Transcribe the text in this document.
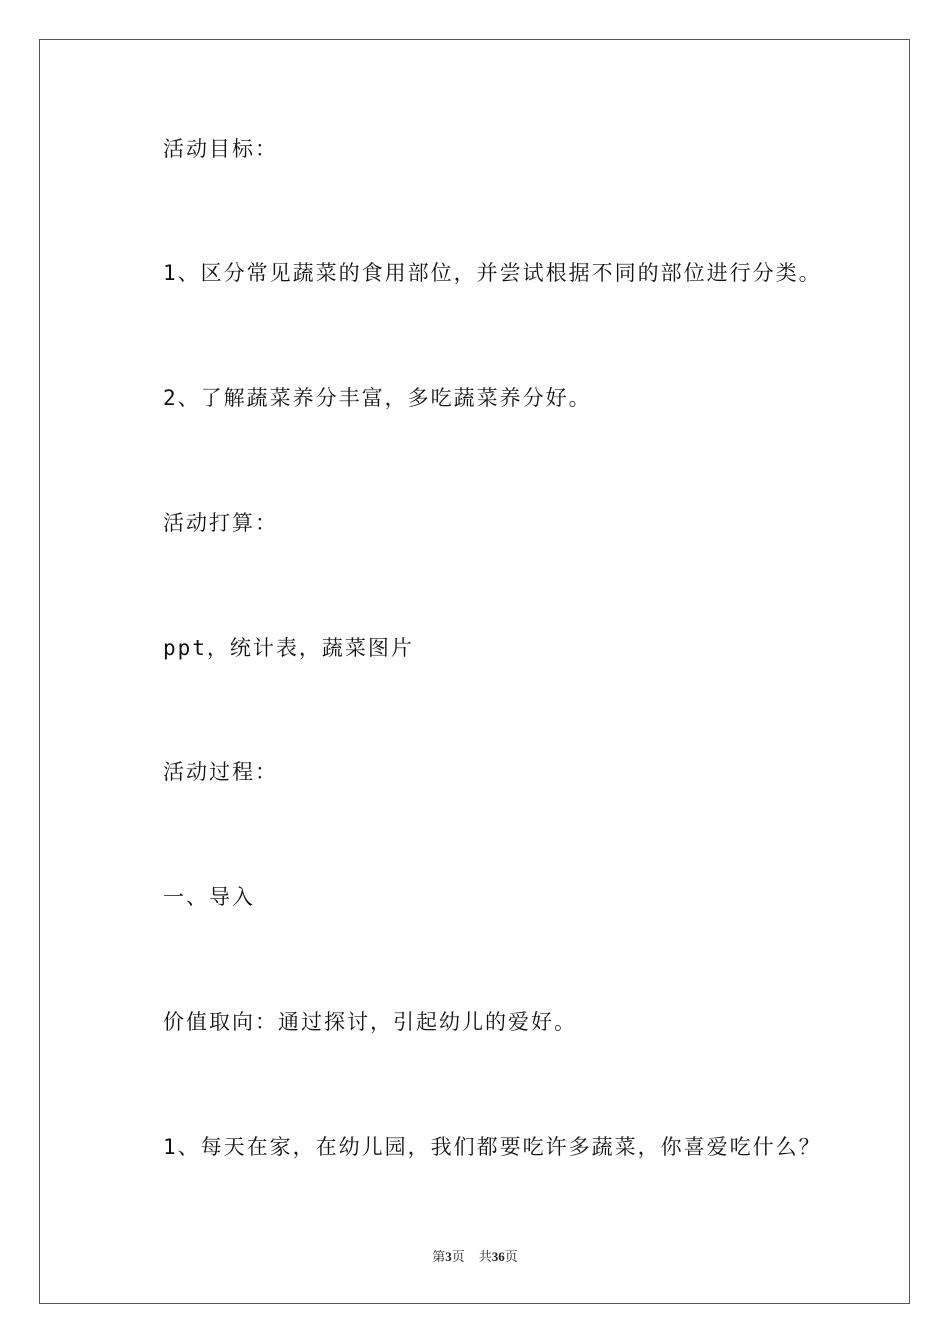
活动目标：

1、区分常见蔬菜的食用部位，并尝试根据不同的部位进行分类。

2、了解蔬菜养分丰富，多吃蔬菜养分好。

活动打算：

ppt，统计表，蔬菜图片

活动过程：

一、导入

价值取向：通过探讨，引起幼儿的爱好。

1、每天在家，在幼儿园，我们都要吃许多蔬菜，你喜爱吃什么？

第3页 共36页
